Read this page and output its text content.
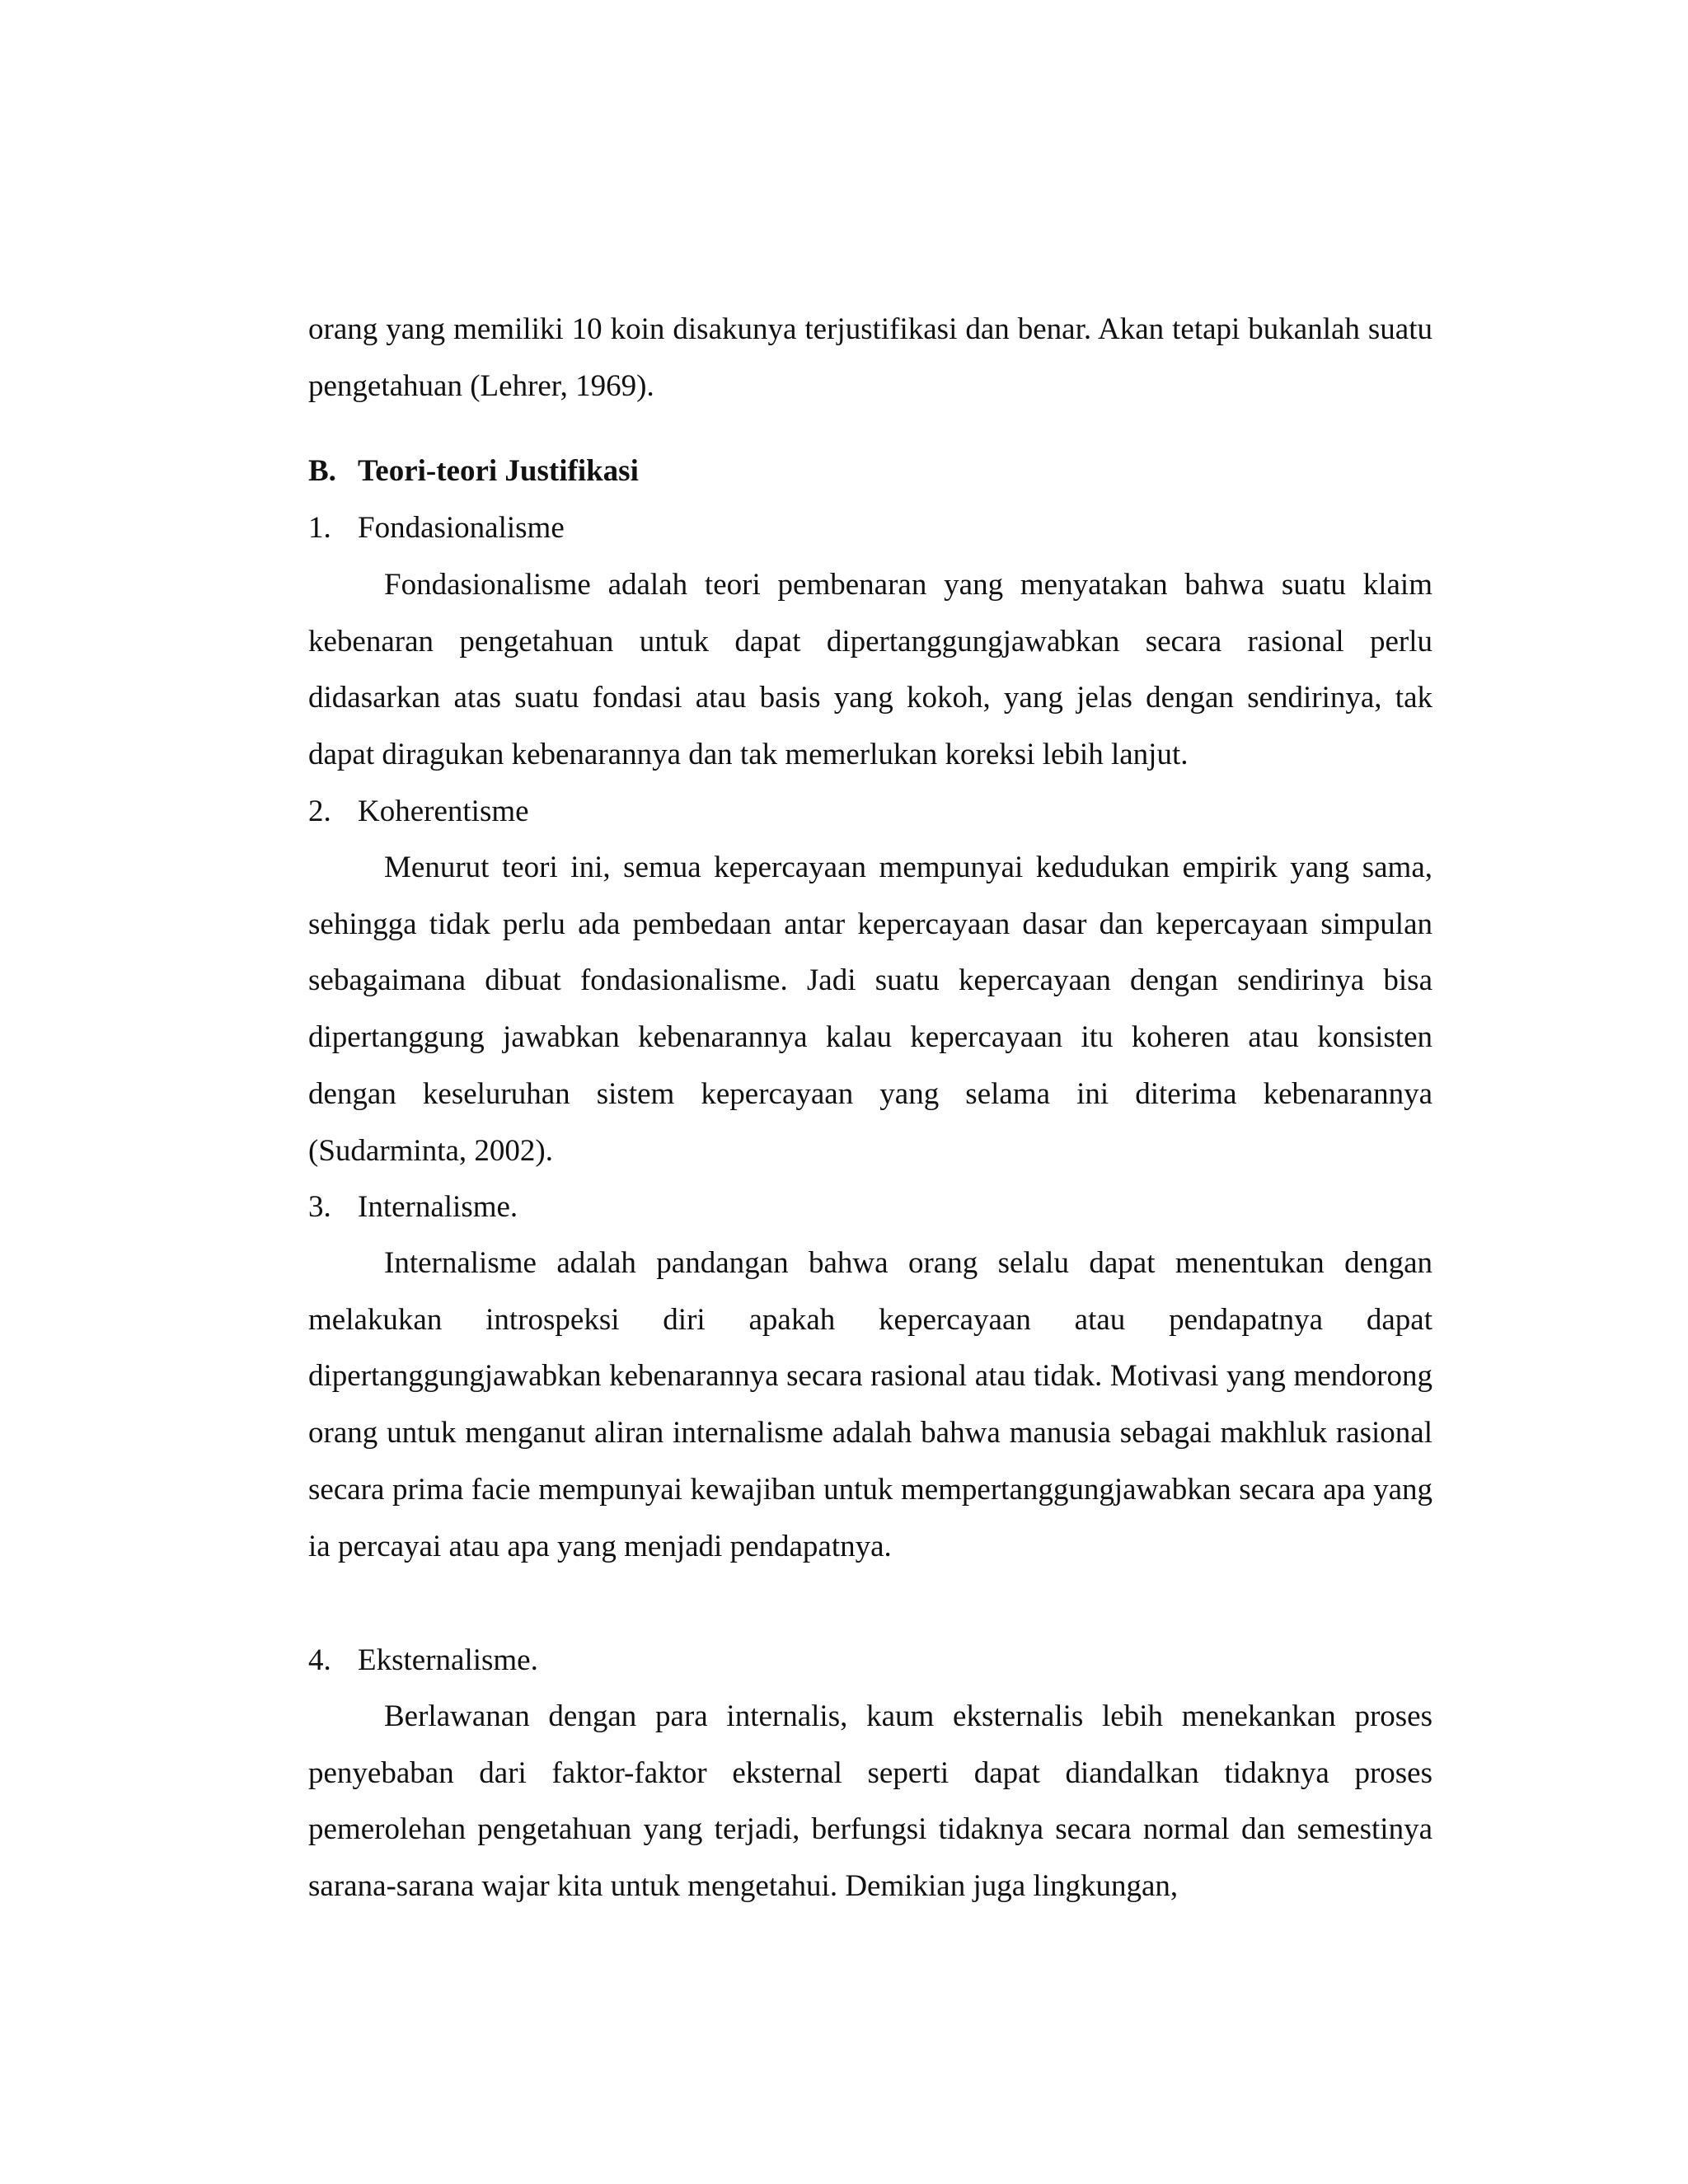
orang yang memiliki 10 koin disakunya terjustifikasi dan benar. Akan tetapi bukanlah suatu pengetahuan (Lehrer, 1969).
B. Teori-teori Justifikasi
1. Fondasionalisme
Fondasionalisme adalah teori pembenaran yang menyatakan bahwa suatu klaim kebenaran pengetahuan untuk dapat dipertanggungjawabkan secara rasional perlu didasarkan atas suatu fondasi atau basis yang kokoh, yang jelas dengan sendirinya, tak dapat diragukan kebenarannya dan tak memerlukan koreksi lebih lanjut.
2. Koherentisme
Menurut teori ini, semua kepercayaan mempunyai kedudukan empirik yang sama, sehingga tidak perlu ada pembedaan antar kepercayaan dasar dan kepercayaan simpulan sebagaimana dibuat fondasionalisme. Jadi suatu kepercayaan dengan sendirinya bisa dipertanggung jawabkan kebenarannya kalau kepercayaan itu koheren atau konsisten dengan keseluruhan sistem kepercayaan yang selama ini diterima kebenarannya (Sudarminta, 2002).
3. Internalisme.
Internalisme adalah pandangan bahwa orang selalu dapat menentukan dengan melakukan introspeksi diri apakah kepercayaan atau pendapatnya dapat dipertanggungjawabkan kebenarannya secara rasional atau tidak. Motivasi yang mendorong orang untuk menganut aliran internalisme adalah bahwa manusia sebagai makhluk rasional secara prima facie mempunyai kewajiban untuk mempertanggungjawabkan secara apa yang ia percayai atau apa yang menjadi pendapatnya.
4. Eksternalisme.
Berlawanan dengan para internalis, kaum eksternalis lebih menekankan proses penyebaban dari faktor-faktor eksternal seperti dapat diandalkan tidaknya proses pemerolehan pengetahuan yang terjadi, berfungsi tidaknya secara normal dan semestinya sarana-sarana wajar kita untuk mengetahui. Demikian juga lingkungan,
